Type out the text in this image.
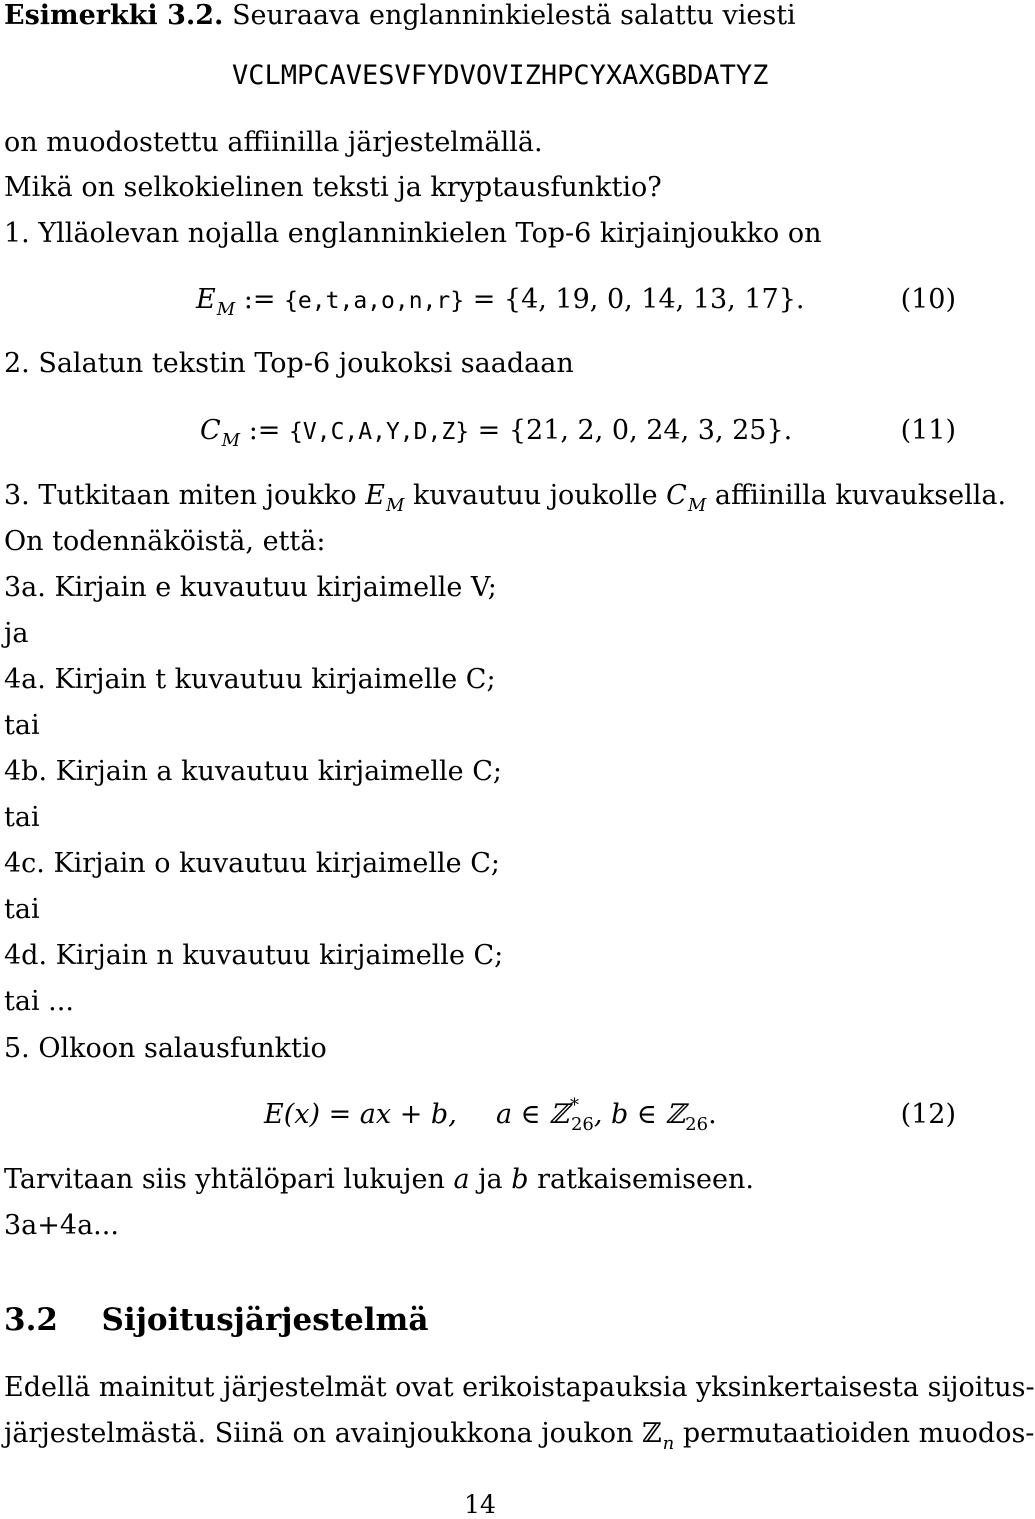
Esimerkki 3.2. Seuraava englanninkielestä salattu viesti
VCLMPCAVESVFYDVOVIZHPCYXAXGBDATYZ
on muodostettu affiinilla järjestelmällä.
Mikä on selkokielinen teksti ja kryptausfunktio?
1. Ylläolevan nojalla englanninkielen Top-6 kirjainjoukko on
$E_M$ := {e,t,a,o,n,r} = {4, 19, 0, 14, 13, 17}.	(10)
2. Salatun tekstin Top-6 joukoksi saadaan
$C_M$ := {V,C,A,Y,D,Z} = {21, 2, 0, 24, 3, 25}.	(11)
3. Tutkitaan miten joukko $E_M$ kuvautuu joukolle $C_M$ affiinilla kuvauksella.
On todennäköistä, että:
3a. Kirjain e kuvautuu kirjaimelle V;
ja
4a. Kirjain t kuvautuu kirjaimelle C;
tai
4b. Kirjain a kuvautuu kirjaimelle C;
tai
4c. Kirjain o kuvautuu kirjaimelle C;
tai
4d. Kirjain n kuvautuu kirjaimelle C;
tai ...
5. Olkoon salausfunktio
E(x) = ax + b, a ∈ ℤ*$_{26}$, b ∈ ℤ$_{26}$.	(12)
Tarvitaan siis yhtälöpari lukujen a ja b ratkaisemiseen.
3a+4a...
3.2 Sijoitusjärjestelmä
Edellä mainitut järjestelmät ovat erikoistapauksia yksinkertaisesta sijoitus-
järjestelmästä. Siinä on avainjoukkona joukon ℤ$_n$ permutaatioiden muodos-
14
